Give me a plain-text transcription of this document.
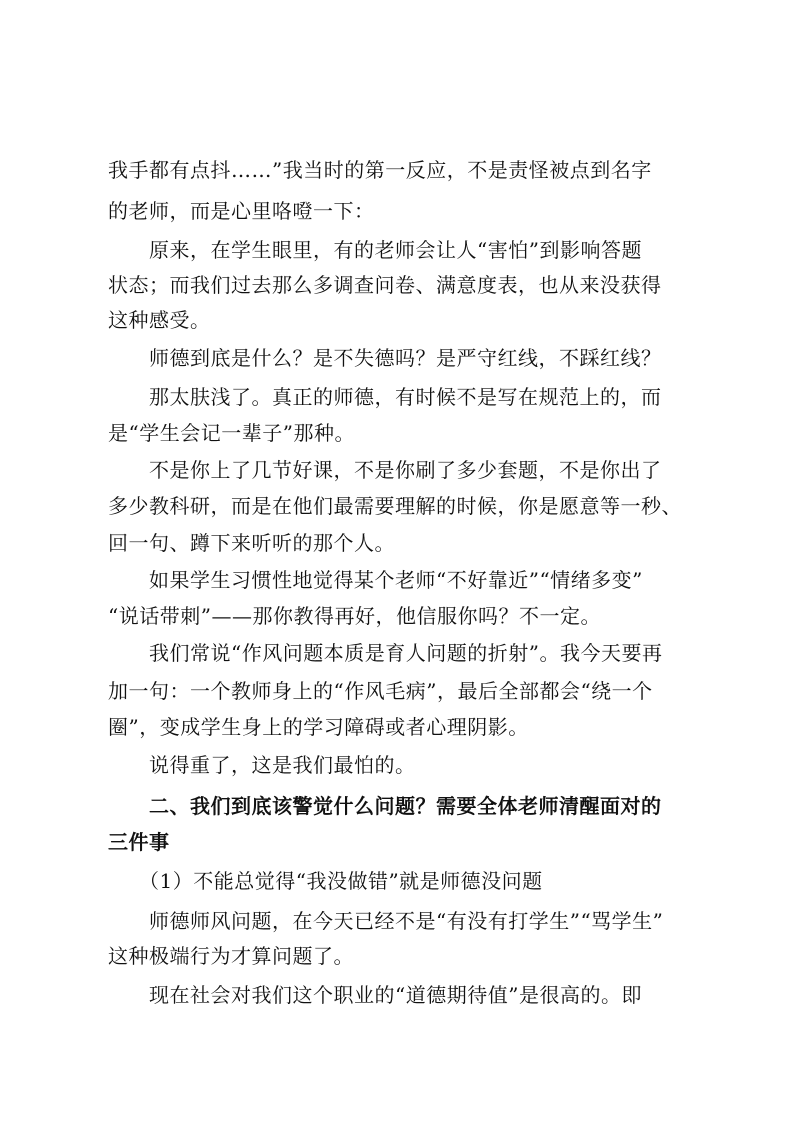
我手都有点抖……”我当时的第一反应，不是责怪被点到名字

的老师，而是心里咯噔一下：

　　原来，在学生眼里，有的老师会让人“害怕”到影响答题

状态；而我们过去那么多调查问卷、满意度表，也从来没获得

这种感受。

　　师德到底是什么？是不失德吗？是严守红线，不踩红线？

　　那太肤浅了。真正的师德，有时候不是写在规范上的，而

是“学生会记一辈子”那种。

　　不是你上了几节好课，不是你刷了多少套题，不是你出了

多少教科研，而是在他们最需要理解的时候，你是愿意等一秒、

回一句、蹲下来听听的那个人。

　　如果学生习惯性地觉得某个老师“不好靠近”“情绪多变”

“说话带刺”——那你教得再好，他信服你吗？不一定。

　　我们常说“作风问题本质是育人问题的折射”。我今天要再

加一句：一个教师身上的“作风毛病”，最后全部都会“绕一个

圈”，变成学生身上的学习障碍或者心理阴影。

　　说得重了，这是我们最怕的。

　　二、我们到底该警觉什么问题？需要全体老师清醒面对的

三件事

　　（1）不能总觉得“我没做错”就是师德没问题

　　师德师风问题，在今天已经不是“有没有打学生”“骂学生”

这种极端行为才算问题了。

　　现在社会对我们这个职业的“道德期待值”是很高的。即
